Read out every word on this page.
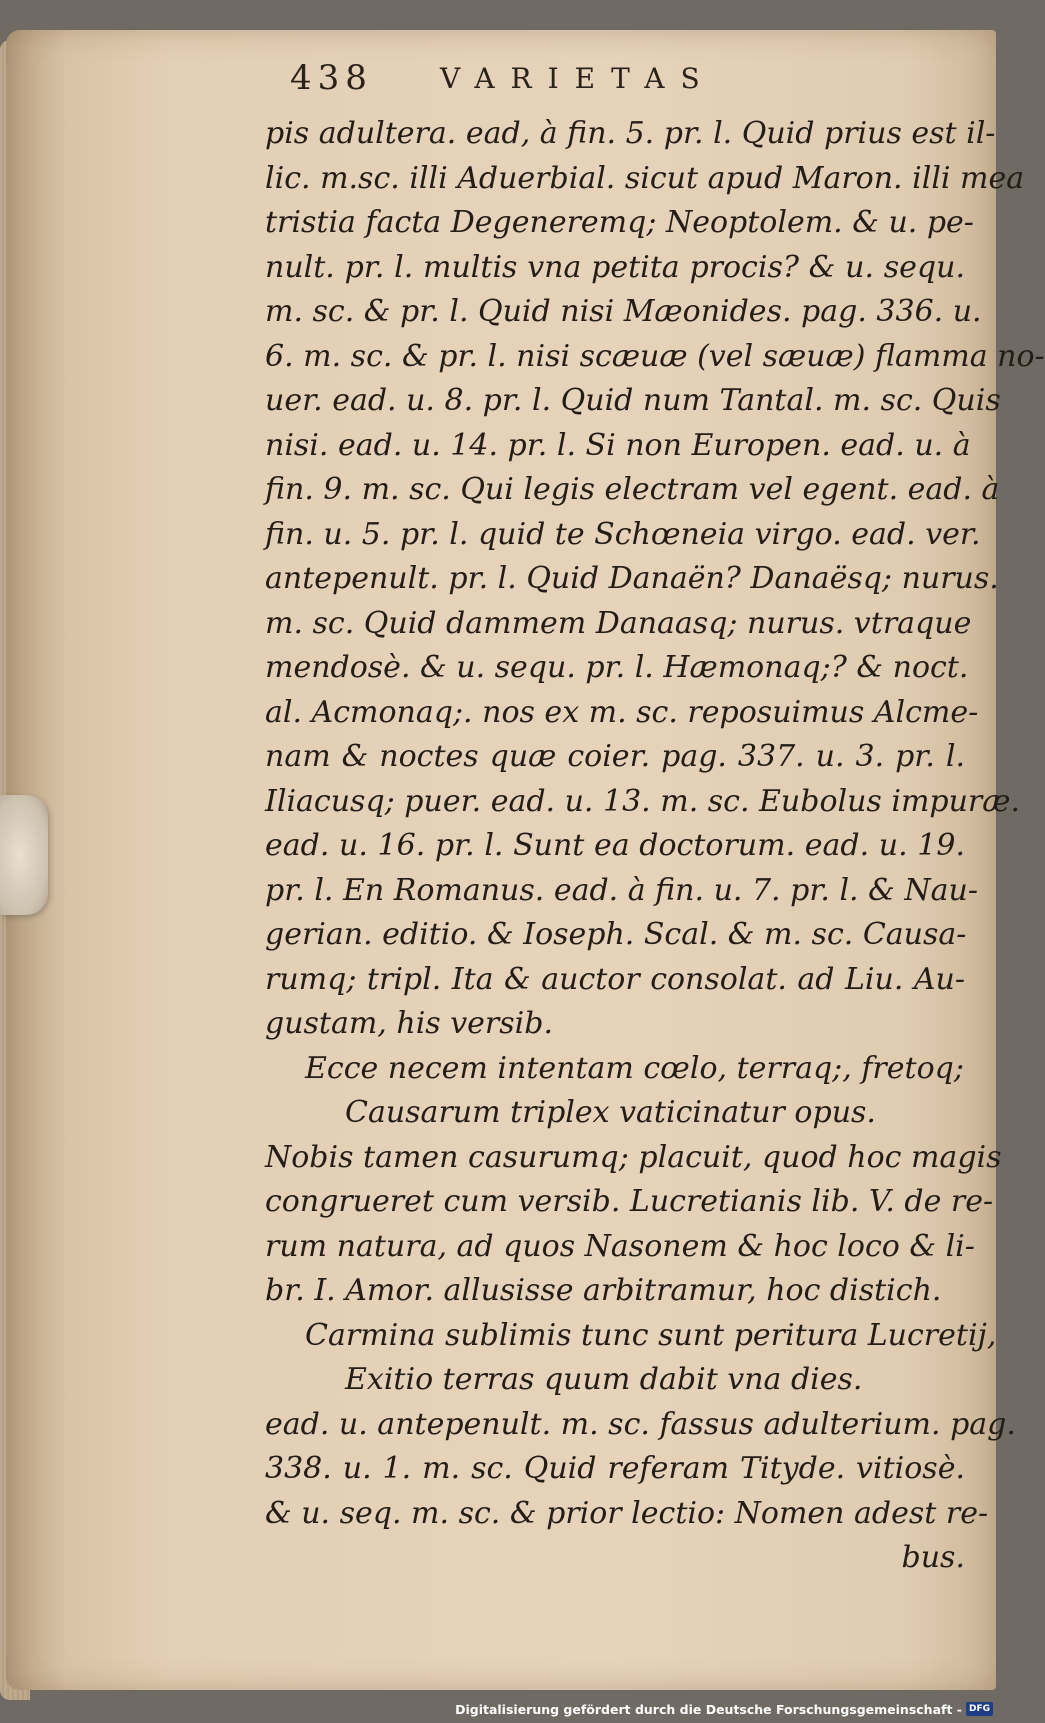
438 VARIETAS
pis adultera. ead, à fin. 5. pr. l. Quid prius est il-
lic. m.sc. illi Aduerbial. sicut apud Maron. illi mea
tristia facta Degeneremq; Neoptolem. & u. pe-
nult. pr. l. multis vna petita procis? & u. sequ.
m. sc. & pr. l. Quid nisi Mæonides. pag. 336. u.
6. m. sc. & pr. l. nisi scæuæ (vel sæuæ) flamma no-
uer. ead. u. 8. pr. l. Quid num Tantal. m. sc. Quis
nisi. ead. u. 14. pr. l. Si non Europen. ead. u. à
fin. 9. m. sc. Qui legis electram vel egent. ead. à
fin. u. 5. pr. l. quid te Schœneia virgo. ead. ver.
antepenult. pr. l. Quid Danaën? Danaësq; nurus.
m. sc. Quid dammem Danaasq; nurus. vtraque
mendosè. & u. sequ. pr. l. Hæmonaq;? & noct.
al. Acmonaq;. nos ex m. sc. reposuimus Alcme-
nam & noctes quæ coier. pag. 337. u. 3. pr. l.
Iliacusq; puer. ead. u. 13. m. sc. Eubolus impuræ.
ead. u. 16. pr. l. Sunt ea doctorum. ead. u. 19.
pr. l. En Romanus. ead. à fin. u. 7. pr. l. & Nau-
gerian. editio. & Ioseph. Scal. & m. sc. Causa-
rumq; tripl. Ita & auctor consolat. ad Liu. Au-
gustam, his versib.
Ecce necem intentam cœlo, terraq;, fretoq;
Causarum triplex vaticinatur opus.
Nobis tamen casurumq; placuit, quod hoc magis
congrueret cum versib. Lucretianis lib. V. de re-
rum natura, ad quos Nasonem & hoc loco & li-
br. I. Amor. allusisse arbitramur, hoc distich.
Carmina sublimis tunc sunt peritura Lucretij,
Exitio terras quum dabit vna dies.
ead. u. antepenult. m. sc. fassus adulterium. pag.
338. u. 1. m. sc. Quid referam Tityde. vitiosè.
& u. seq. m. sc. & prior lectio: Nomen adest re-
bus.
Digitalisierung gefördert durch die Deutsche Forschungsgemeinschaft - DFG
